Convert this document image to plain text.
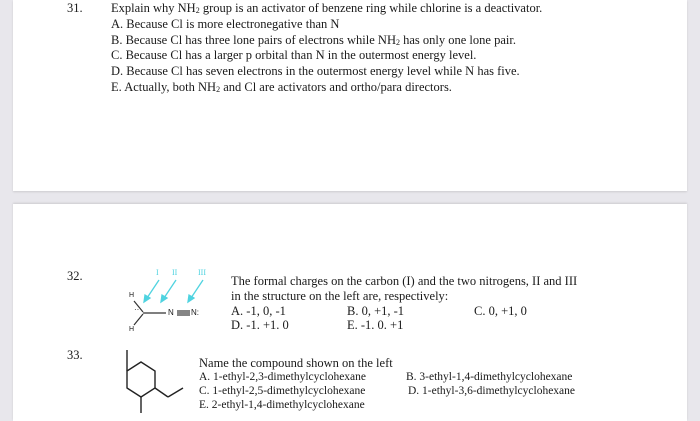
31. Explain why $NH_2$ group is an activator of benzene ring while chlorine is a deactivator.
A. Because Cl is more electronegative than N
B. Because Cl has three lone pairs of electrons while $NH_2$ has only one lone pair.
C. Because Cl has a larger p orbital than N in the outermost energy level.
D. Because Cl has seven electrons in the outermost energy level while N has five.
E. Actually, both $NH_2$ and Cl are activators and ortho/para directors.
32.	I II	III
H
H
··	N N:
The formal charges on the carbon (I) and the two nitrogens, II and III
in the structure on the left are, respectively:
A. -1, 0, -1	B. 0, +1, -1	C. 0, +1, 0
D. -1. +1. 0	E. -1. 0. +1
33.
Name the compound shown on the left
A. 1-ethyl-2,3-dimethylcyclohexane	B. 3-ethyl-1,4-dimethylcyclohexane
C. 1-ethyl-2,5-dimethylcyclohexane	D. 1-ethyl-3,6-dimethylcyclohexane
E. 2-ethyl-1,4-dimethylcyclohexane
